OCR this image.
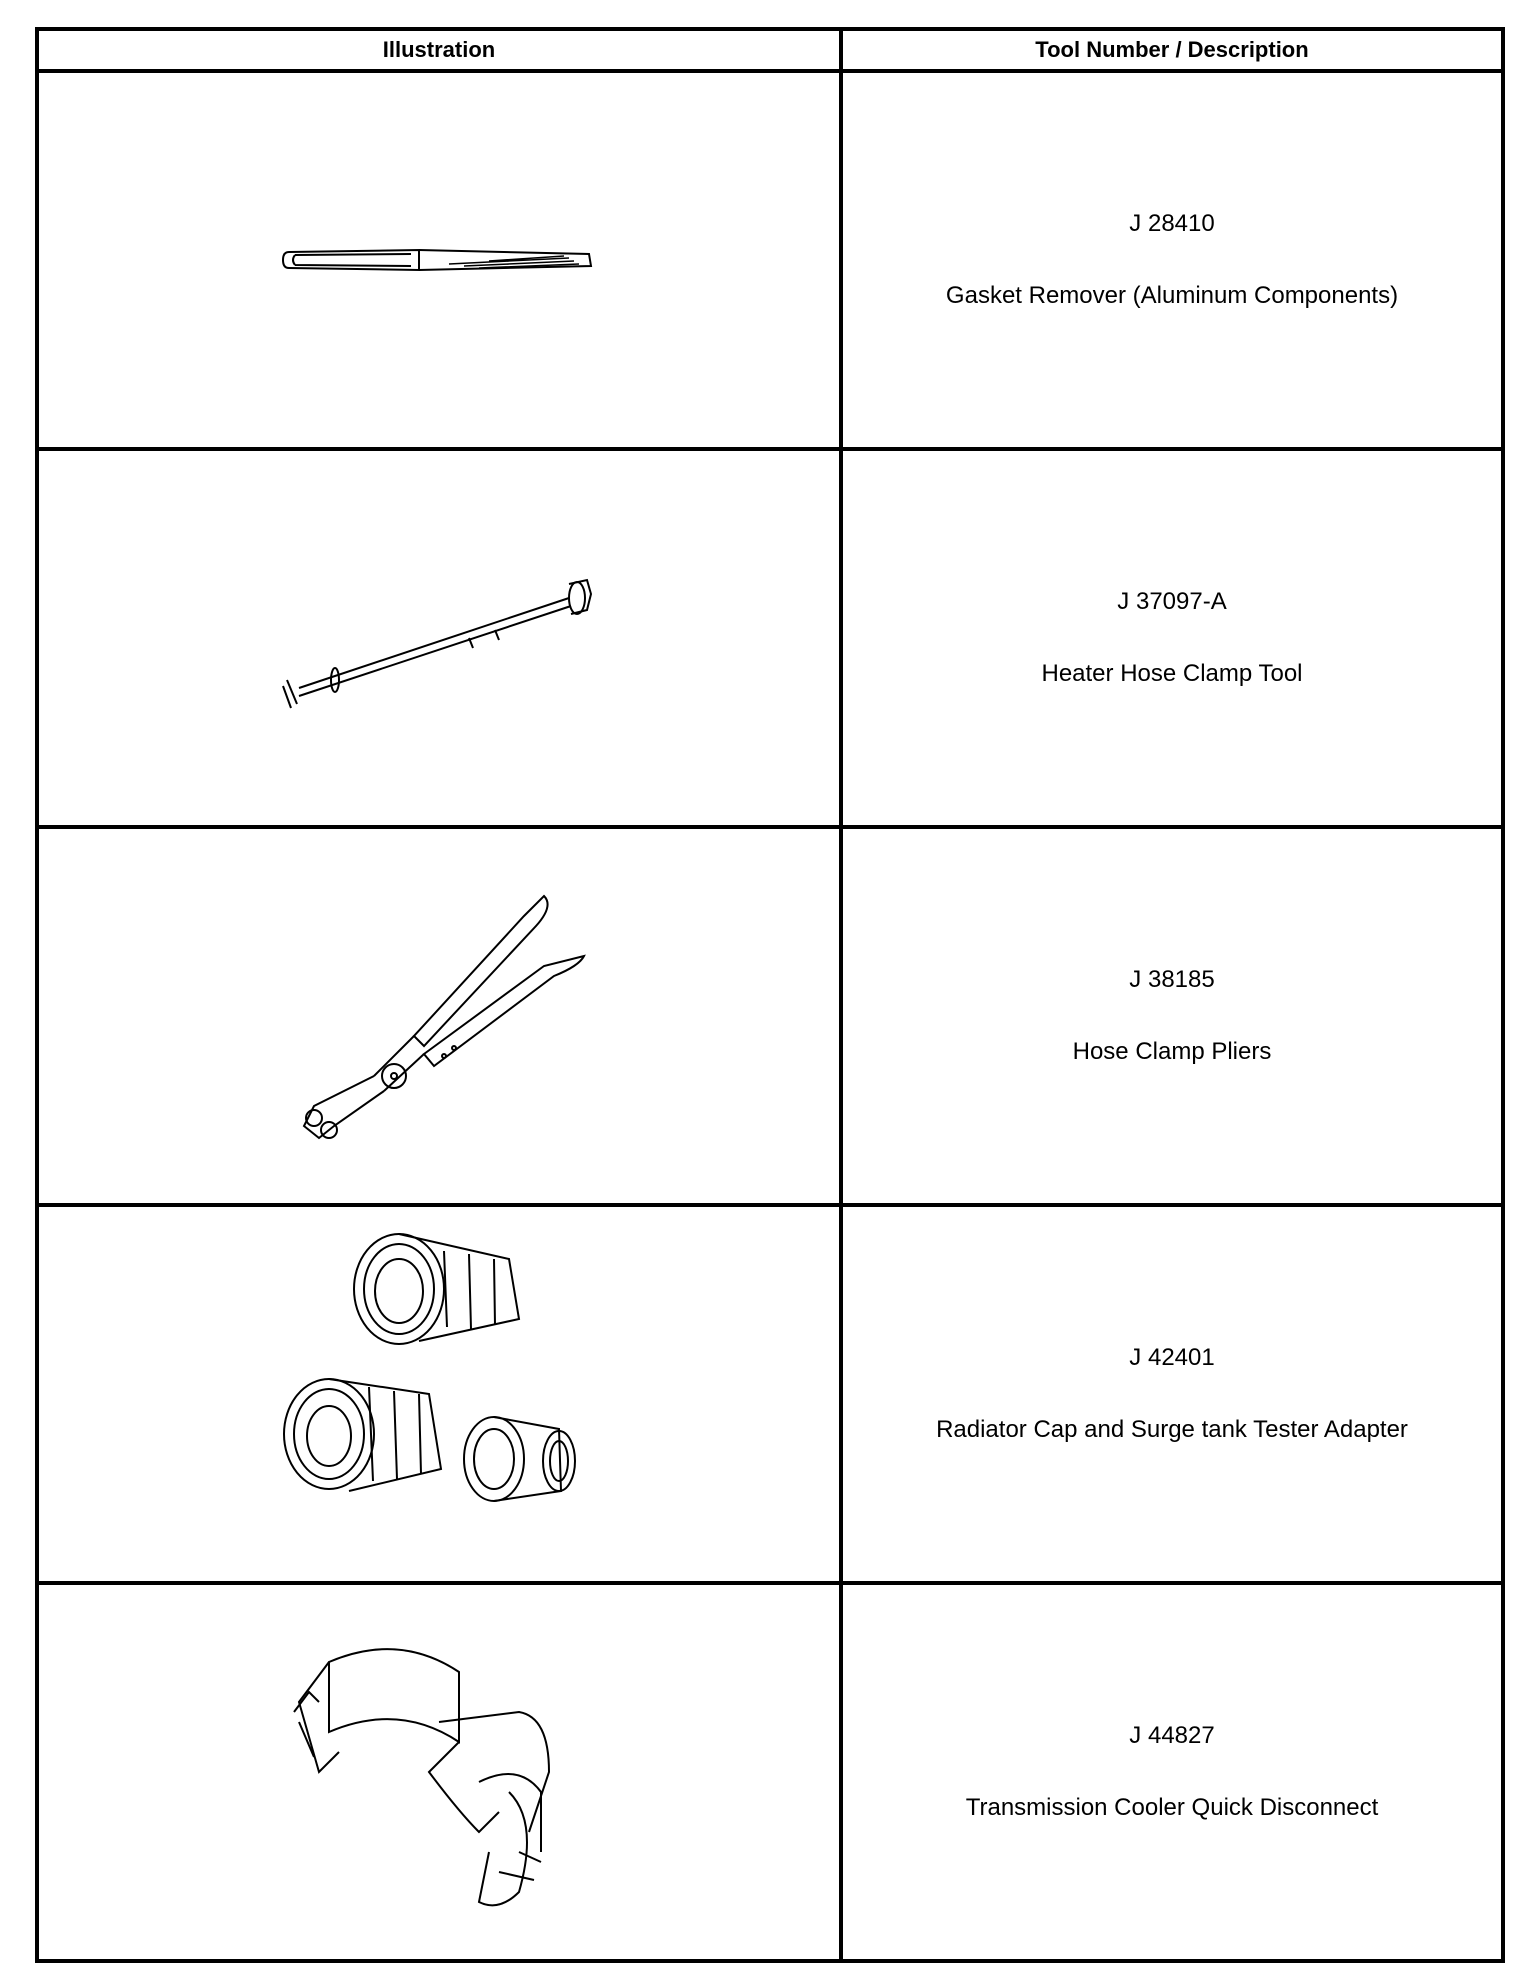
Illustration	Tool Number / Description

J 28410
Gasket Remover (Aluminum Components)

J 37097-A
Heater Hose Clamp Tool

J 38185
Hose Clamp Pliers

J 42401
Radiator Cap and Surge tank Tester Adapter

J 44827
Transmission Cooler Quick Disconnect
